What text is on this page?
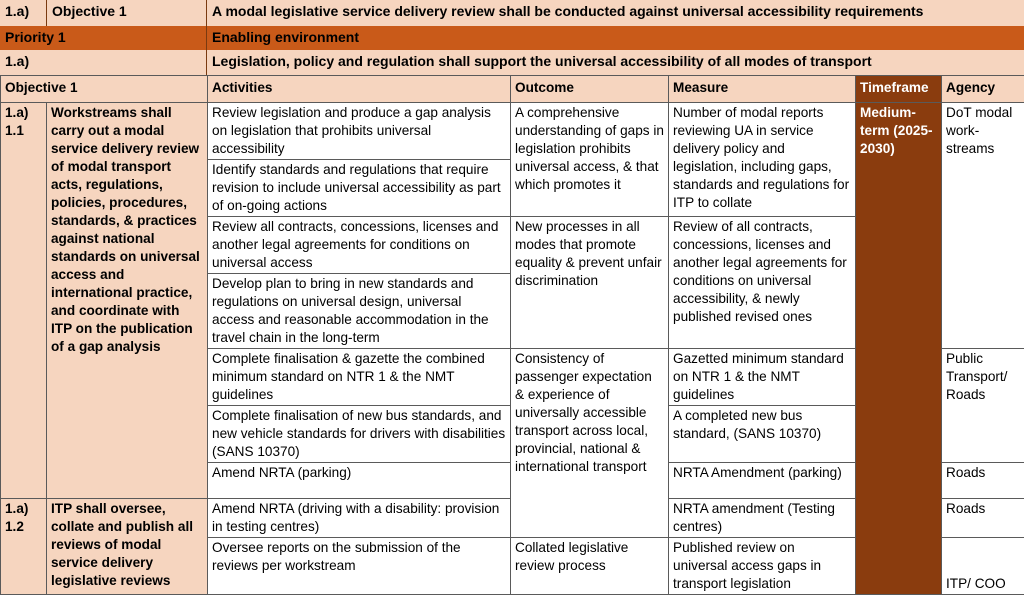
1.a)	Objective 1	A modal legislative service delivery review shall be conducted against universal accessibility requirements
Priority 1	Enabling environment
1.a)	Legislation, policy and regulation shall support the universal accessibility of all modes of transport
Objective 1		Activities	Outcome	Measure	Timeframe	Agency
1.a) 1.1	Workstreams shall carry out a modal service delivery review of modal transport acts, regulations, policies, procedures, standards, & practices against national standards on universal access and international practice, and coordinate with ITP on the publication of a gap analysis	Review legislation and produce a gap analysis on legislation that prohibits universal accessibility	A comprehensive understanding of gaps in legislation prohibits universal access, & that which promotes it	Number of modal reports reviewing UA in service delivery policy and legislation, including gaps, standards and regulations for ITP to collate	Medium-term (2025-2030)	DoT modal work-streams
		Identify standards and regulations that require revision to include universal accessibility as part of on-going actions				
		Review all contracts, concessions, licenses and another legal agreements for conditions on universal access	New processes in all modes that promote equality & prevent unfair discrimination	Review of all contracts, concessions, licenses and another legal agreements for conditions on universal accessibility, & newly published revised ones		
		Develop plan to bring in new standards and regulations on universal design, universal access and reasonable accommodation in the travel chain in the long-term				
		Complete finalisation & gazette the combined minimum standard on NTR 1 & the NMT guidelines	Consistency of passenger expectation & experience of universally accessible transport across local, provincial, national & international transport	Gazetted minimum standard on NTR 1 & the NMT guidelines		Public Transport/ Roads
		Complete finalisation of new bus standards, and new vehicle standards for drivers with disabilities (SANS 10370)		A completed new bus standard, (SANS 10370)		
		Amend NRTA (parking)		NRTA Amendment (parking)		Roads
1.a) 1.2	ITP shall oversee, collate and publish all reviews of modal service delivery legislative reviews	Amend NRTA (driving with a disability: provision in testing centres)		NRTA amendment (Testing centres)		Roads
		Oversee reports on the submission of the reviews per workstream	Collated legislative review process	Published review on universal access gaps in transport legislation		ITP/ COO
